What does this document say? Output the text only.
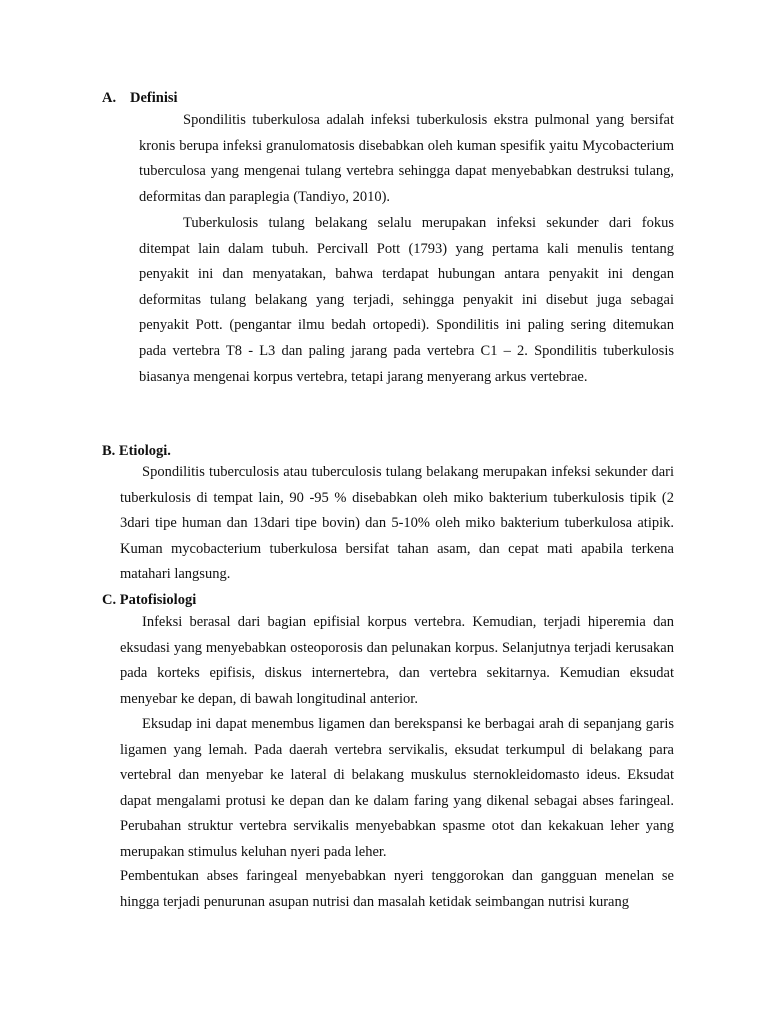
A. Definisi

Spondilitis tuberkulosa adalah infeksi tuberkulosis ekstra pulmonal yang bersifat kronis berupa infeksi granulomatosis disebabkan oleh kuman spesifik yaitu Mycobacterium tuberculosa yang mengenai tulang vertebra sehingga dapat menyebabkan destruksi tulang, deformitas dan paraplegia (Tandiyo, 2010).

Tuberkulosis tulang belakang selalu merupakan infeksi sekunder dari fokus ditempat lain dalam tubuh. Percivall Pott (1793) yang pertama kali menulis tentang penyakit ini dan menyatakan, bahwa terdapat hubungan antara penyakit ini dengan deformitas tulang belakang yang terjadi, sehingga penyakit ini disebut juga sebagai penyakit Pott. (pengantar ilmu bedah ortopedi). Spondilitis ini paling sering ditemukan pada vertebra T8 - L3 dan paling jarang pada vertebra C1 – 2. Spondilitis tuberkulosis biasanya mengenai korpus vertebra, tetapi jarang menyerang arkus vertebrae.

B. Etiologi.

Spondilitis tuberculosis atau tuberculosis tulang belakang merupakan infeksi sekunder dari tuberkulosis di tempat lain, 90 -95 % disebabkan oleh miko bakterium tuberkulosis tipik (2 3dari tipe human dan 13dari tipe bovin) dan 5-10% oleh miko bakterium tuberkulosa atipik. Kuman mycobacterium tuberkulosa bersifat tahan asam, dan cepat mati apabila terkena matahari langsung.

C. Patofisiologi

Infeksi berasal dari bagian epifisial korpus vertebra. Kemudian, terjadi hiperemia dan eksudasi yang menyebabkan osteoporosis dan pelunakan korpus. Selanjutnya terjadi kerusakan pada korteks epifisis, diskus internertebra, dan vertebra sekitarnya. Kemudian eksudat menyebar ke depan, di bawah longitudinal anterior.

Eksudap ini dapat menembus ligamen dan berekspansi ke berbagai arah di sepanjang garis ligamen yang lemah. Pada daerah vertebra servikalis, eksudat terkumpul di belakang para vertebral dan menyebar ke lateral di belakang muskulus sternokleidomasto ideus. Eksudat dapat mengalami protusi ke depan dan ke dalam faring yang dikenal sebagai abses faringeal. Perubahan struktur vertebra servikalis menyebabkan spasme otot dan kekakuan leher yang merupakan stimulus keluhan nyeri pada leher.

Pembentukan abses faringeal menyebabkan nyeri tenggorokan dan gangguan menelan se hingga terjadi penurunan asupan nutrisi dan masalah ketidak seimbangan nutrisi kurang
